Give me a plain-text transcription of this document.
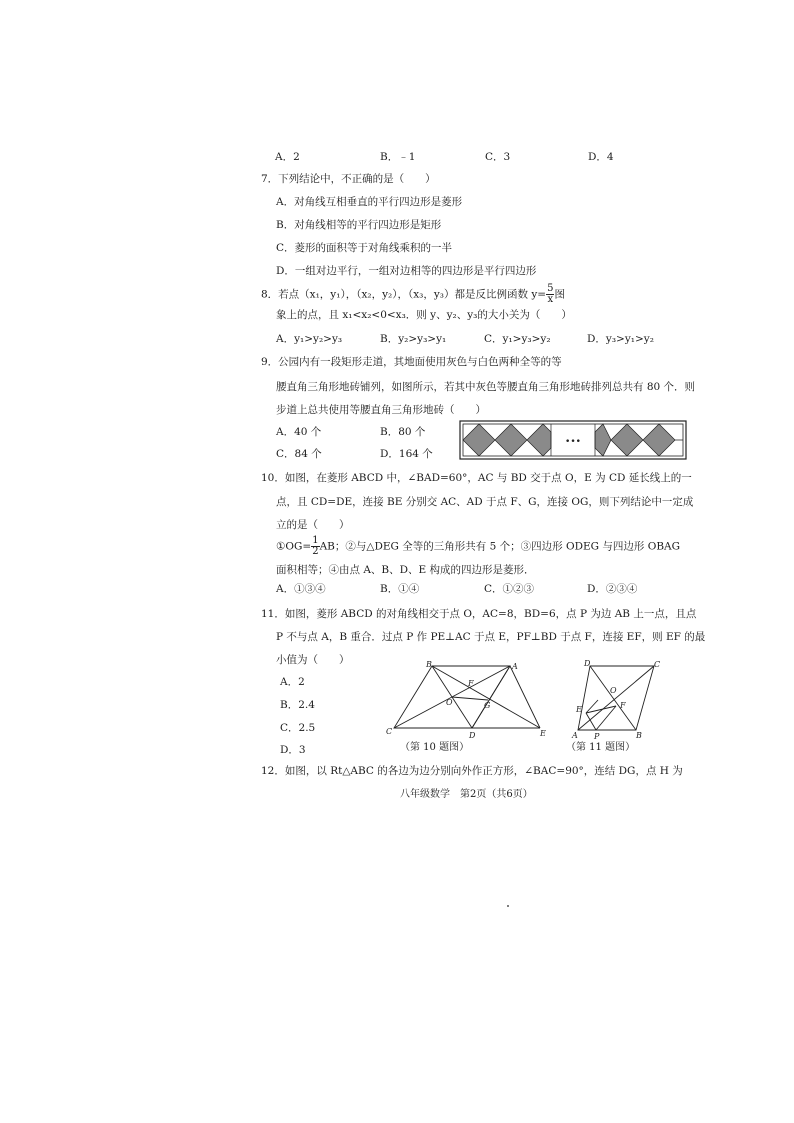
A．2	B．﹣1	C．3	D．4
7．下列结论中，不正确的是（　　）
A．对角线互相垂直的平行四边形是菱形
B．对角线相等的平行四边形是矩形
C．菱形的面积等于对角线乘积的一半
D．一组对边平行，一组对边相等的四边形是平行四边形
8．若点（x₁，y₁），（x₂，y₂），（x₃，y₃）都是反比例函数 $y= \frac{5}{x}$ 图
象上的点，且 x₁<x₂<0<x₃．则 y、y₂、y₃的大小关为（　　）
A．y₁>y₂>y₃	B．y₂>y₃>y₁	C．y₁>y₃>y₂	D．y₃>y₁>y₂
9．公园内有一段矩形走道，其地面使用灰色与白色两种全等的等
腰直角三角形地砖铺列，如图所示，若其中灰色等腰直角三角形地砖排列总共有 80 个．则
步道上总共使用等腰直角三角形地砖（　　）
A．40 个	B．80 个
C．84 个	D．164 个
•••
10．如图，在菱形 ABCD 中，∠BAD=60°，AC 与 BD 交于点 O，E 为 CD 延长线上的一
点，且 CD=DE，连接 BE 分别交 AC、AD 于点 F、G，连接 OG，则下列结论中一定成
立的是（　　）
①OG= $\frac{1}{2}$ AB；②与△DEG 全等的三角形共有 5 个；③四边形 ODEG 与四边形 OBAG
面积相等；④由点 A、B、D、E 构成的四边形是菱形．
A．①③④	B．①④	C．①②③	D．②③④
11．如图，菱形 ABCD 的对角线相交于点 O，AC=8，BD=6，点 P 为边 AB 上一点，且点
P 不与点 A，B 重合．过点 P 作 PE⊥AC 于点 E，PF⊥BD 于点 F，连接 EF，则 EF 的最
小值为（　　）
A．2
B．2.4
C．2.5
D．3
B	A
F
O	G
C	D	E
（第 10 题图）
D	C
O
E	F
A P	B
（第 11 题图）
12．如图，以 Rt△ABC 的各边为边分别向外作正方形，∠BAC=90°，连结 DG，点 H 为
八年级数学　第2页（共6页）
